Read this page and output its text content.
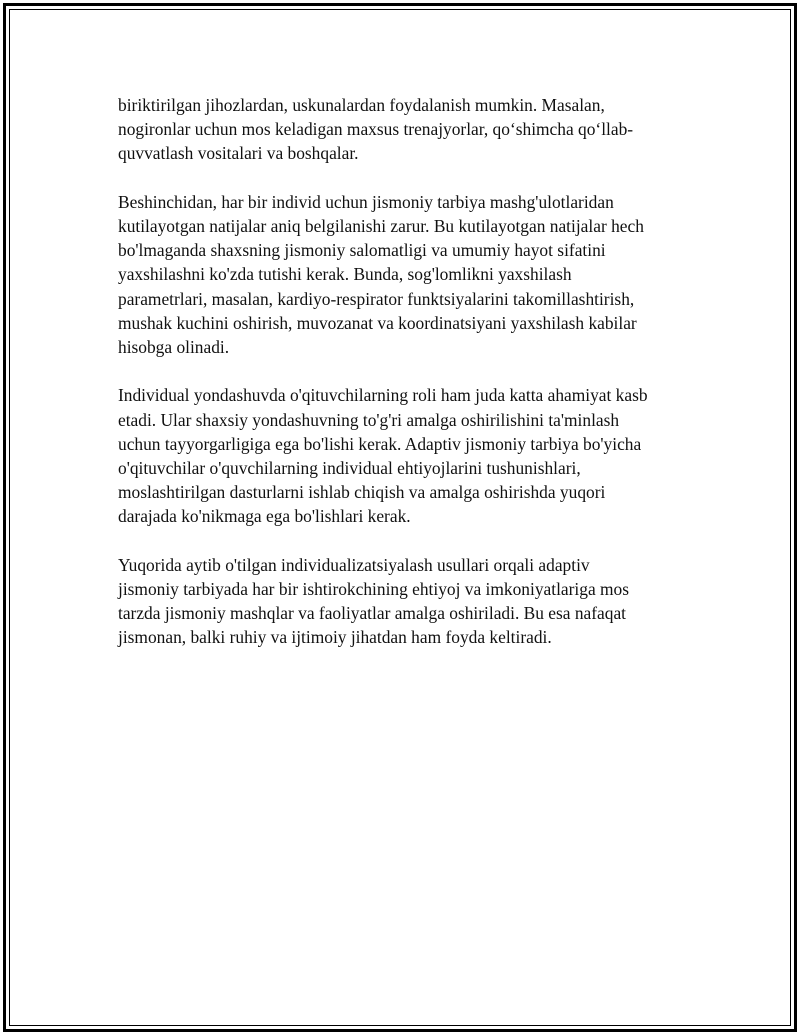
biriktirilgan jihozlardan, uskunalardan foydalanish mumkin. Masalan,
nogironlar uchun mos keladigan maxsus trenajyorlar, qo‘shimcha qo‘llab-
quvvatlash vositalari va boshqalar.

Beshinchidan, har bir individ uchun jismoniy tarbiya mashg'ulotlaridan
kutilayotgan natijalar aniq belgilanishi zarur. Bu kutilayotgan natijalar hech
bo'lmaganda shaxsning jismoniy salomatligi va umumiy hayot sifatini
yaxshilashni ko'zda tutishi kerak. Bunda, sog'lomlikni yaxshilash
parametrlari, masalan, kardiyo-respirator funktsiyalarini takomillashtirish,
mushak kuchini oshirish, muvozanat va koordinatsiyani yaxshilash kabilar
hisobga olinadi.

Individual yondashuvda o'qituvchilarning roli ham juda katta ahamiyat kasb
etadi. Ular shaxsiy yondashuvning to'g'ri amalga oshirilishini ta'minlash
uchun tayyorgarligiga ega bo'lishi kerak. Adaptiv jismoniy tarbiya bo'yicha
o'qituvchilar o'quvchilarning individual ehtiyojlarini tushunishlari,
moslashtirilgan dasturlarni ishlab chiqish va amalga oshirishda yuqori
darajada ko'nikmaga ega bo'lishlari kerak.

Yuqorida aytib o'tilgan individualizatsiyalash usullari orqali adaptiv
jismoniy tarbiyada har bir ishtirokchining ehtiyoj va imkoniyatlariga mos
tarzda jismoniy mashqlar va faoliyatlar amalga oshiriladi. Bu esa nafaqat
jismonan, balki ruhiy va ijtimoiy jihatdan ham foyda keltiradi.
